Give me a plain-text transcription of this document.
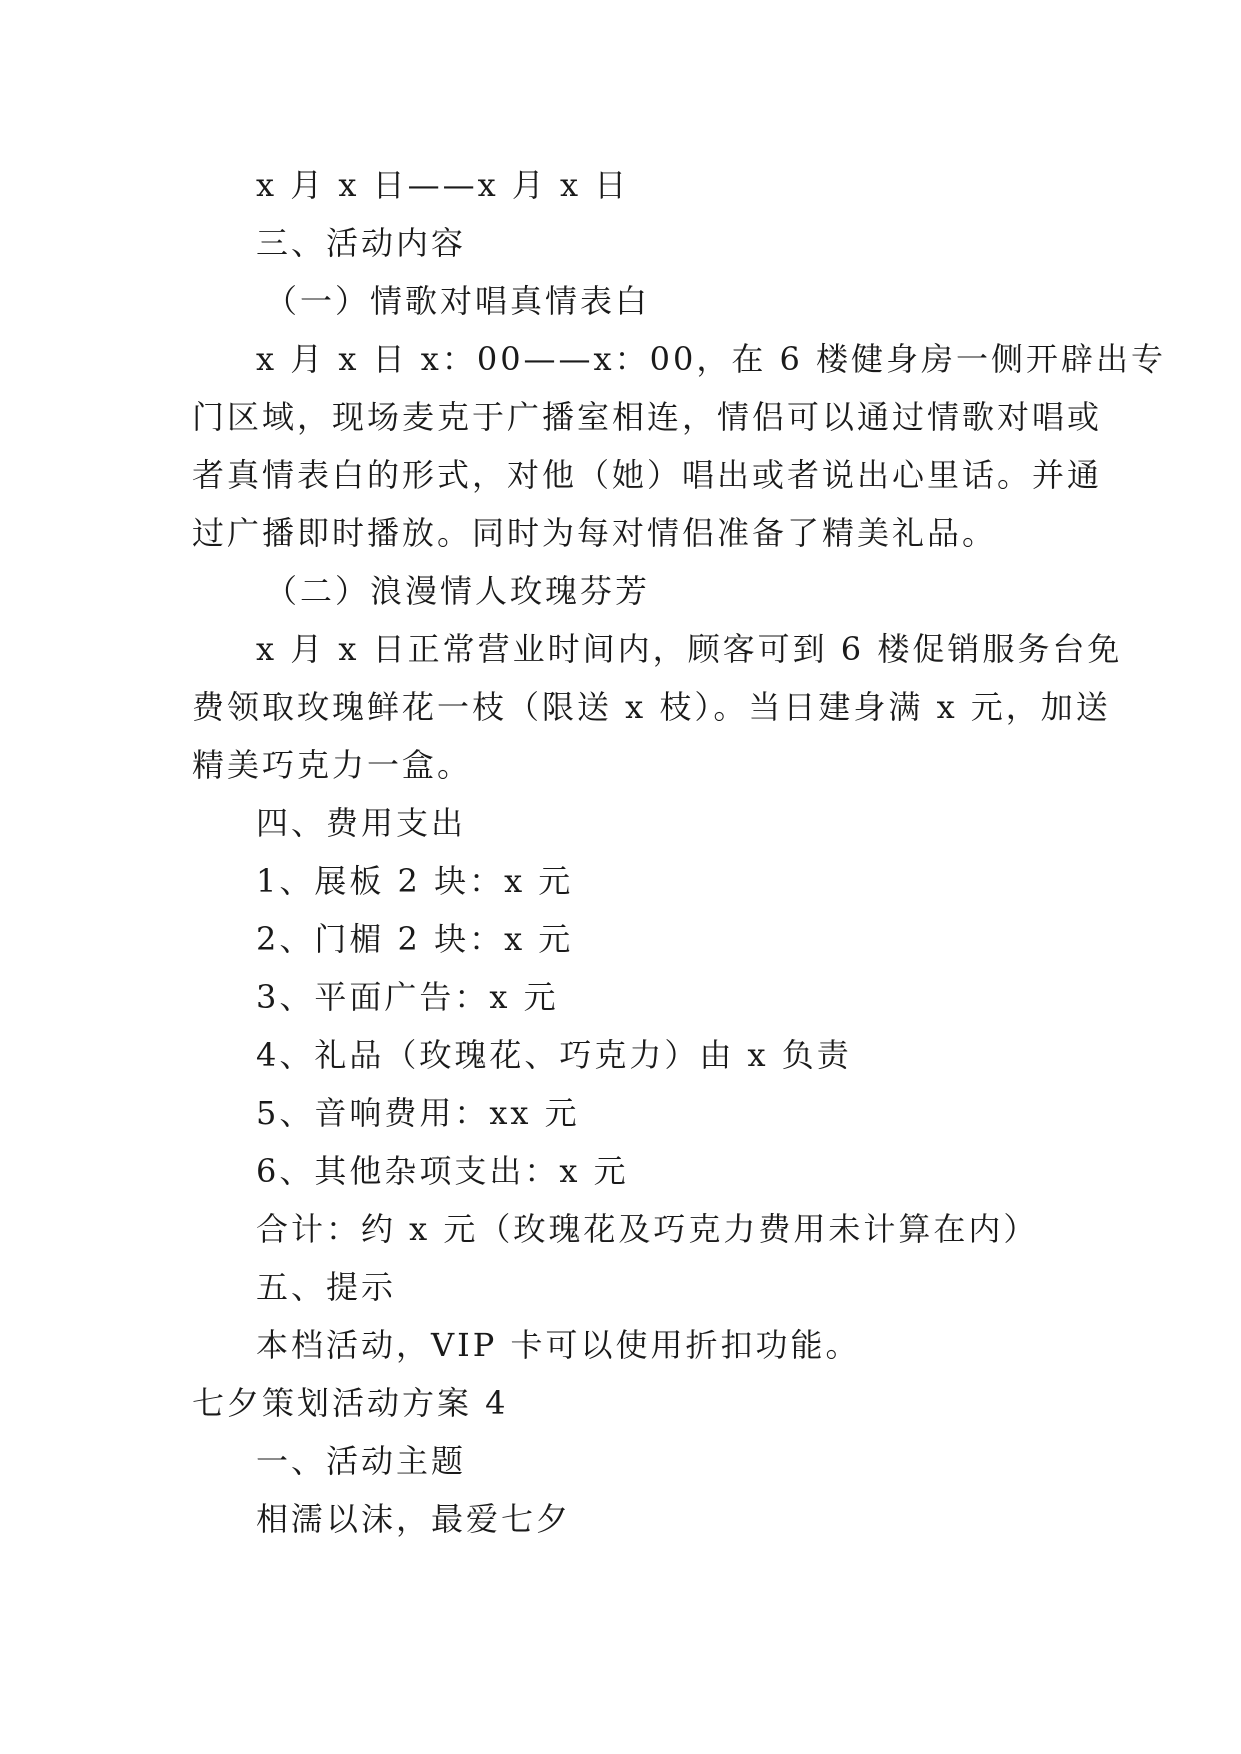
x 月 x 日——x 月 x 日
三、活动内容
（一）情歌对唱真情表白
x 月 x 日 x：00——x：00，在 6 楼健身房一侧开辟出专
门区域，现场麦克于广播室相连，情侣可以通过情歌对唱或
者真情表白的形式，对他（她）唱出或者说出心里话。并通
过广播即时播放。同时为每对情侣准备了精美礼品。
（二）浪漫情人玫瑰芬芳
x 月 x 日正常营业时间内，顾客可到 6 楼促销服务台免
费领取玫瑰鲜花一枝（限送 x 枝）。当日建身满 x 元，加送
精美巧克力一盒。
四、费用支出
1、展板 2 块：x 元
2、门楣 2 块：x 元
3、平面广告：x 元
4、礼品（玫瑰花、巧克力）由 x 负责
5、音响费用：xx 元
6、其他杂项支出：x 元
合计：约 x 元（玫瑰花及巧克力费用未计算在内）
五、提示
本档活动，VIP 卡可以使用折扣功能。
七夕策划活动方案 4
一、活动主题
相濡以沫，最爱七夕
